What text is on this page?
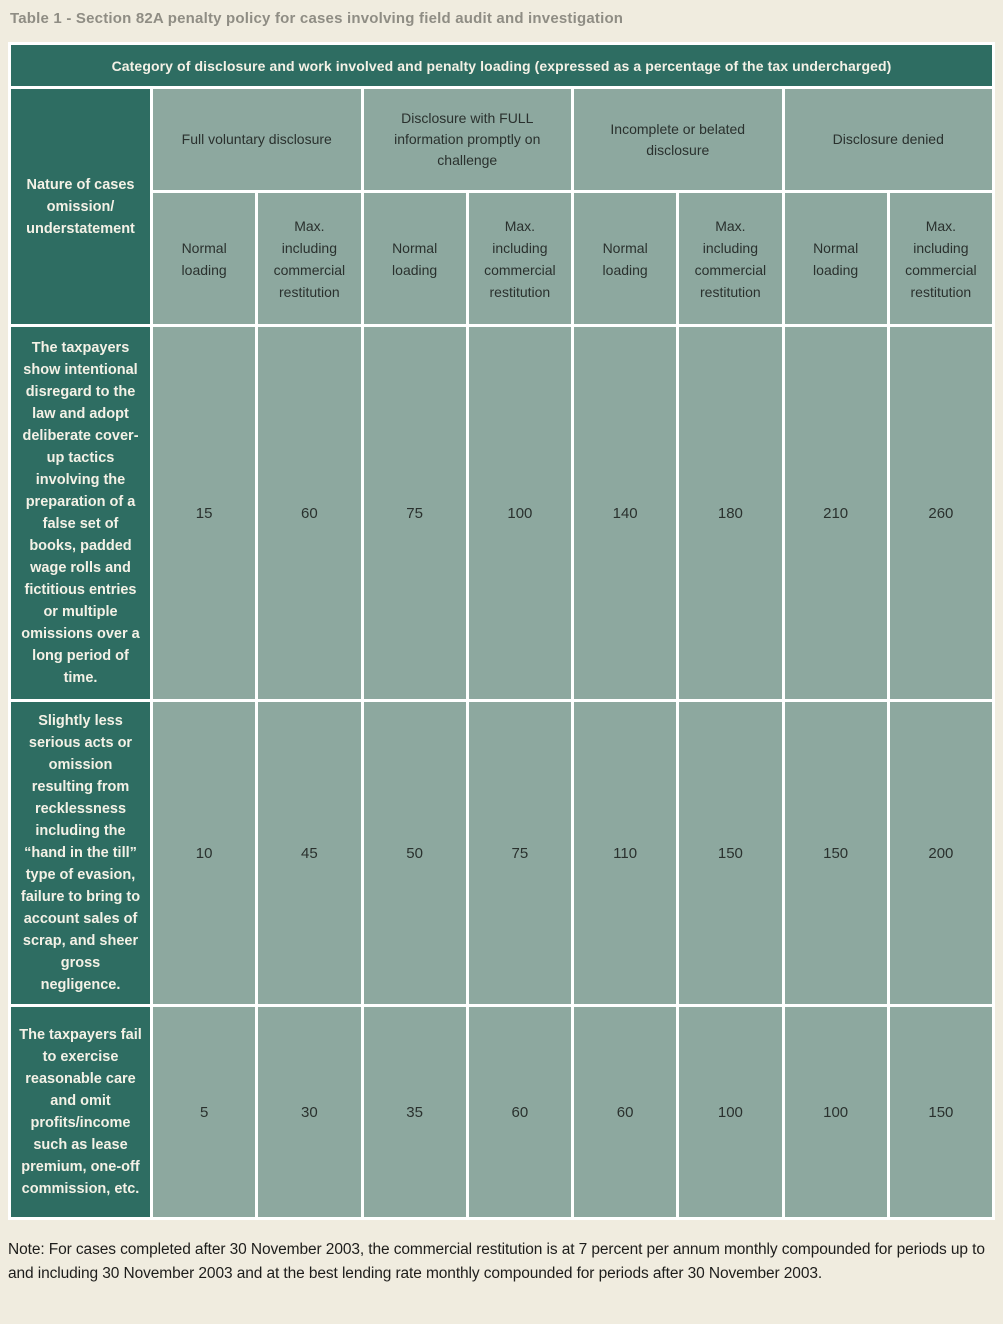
Table 1 - Section 82A penalty policy for cases involving field audit and investigation
Category of disclosure and work involved and penalty loading (expressed as a percentage of the tax undercharged)								
Nature of cases omission/ understatement	Full voluntary disclosure		Disclosure with FULL information promptly on challenge		Incomplete or belated disclosure		Disclosure denied	
	Normal loading	Max. including commercial restitution	Normal loading	Max. including commercial restitution	Normal loading	Max. including commercial restitution	Normal loading	Max. including commercial restitution
The taxpayers show intentional disregard to the law and adopt deliberate cover-up tactics involving the preparation of a false set of books, padded wage rolls and fictitious entries or multiple omissions over a long period of time.	15	60	75	100	140	180	210	260
Slightly less serious acts or omission resulting from recklessness including the “hand in the till” type of evasion, failure to bring to account sales of scrap, and sheer gross negligence.	10	45	50	75	110	150	150	200
The taxpayers fail to exercise reasonable care and omit profits/income such as lease premium, one-off commission, etc.	5	30	35	60	60	100	100	150

Note: For cases completed after 30 November 2003, the commercial restitution is at 7 percent per annum monthly compounded for periods up to and including 30 November 2003 and at the best lending rate monthly compounded for periods after 30 November 2003.
